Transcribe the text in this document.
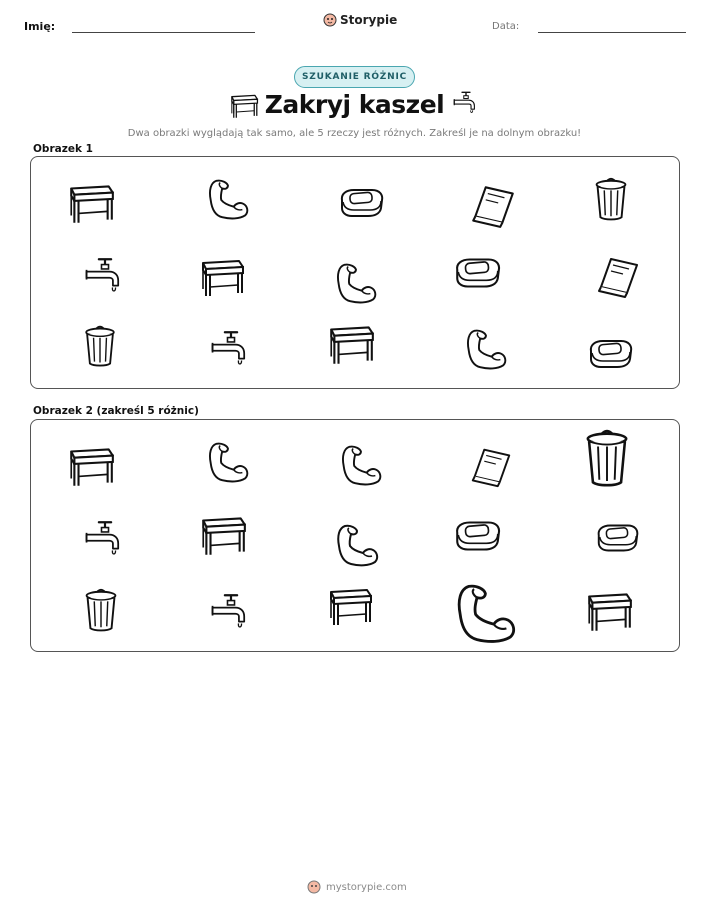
Imię:	Storypie	Data:
SZUKANIE RÓŻNIC
Zakryj kaszel
Dwa obrazki wyglądają tak samo, ale 5 rzeczy jest różnych. Zakreśl je na dolnym obrazku!
Obrazek 1
Obrazek 2 (zakreśl 5 różnic)
mystorypie.com
